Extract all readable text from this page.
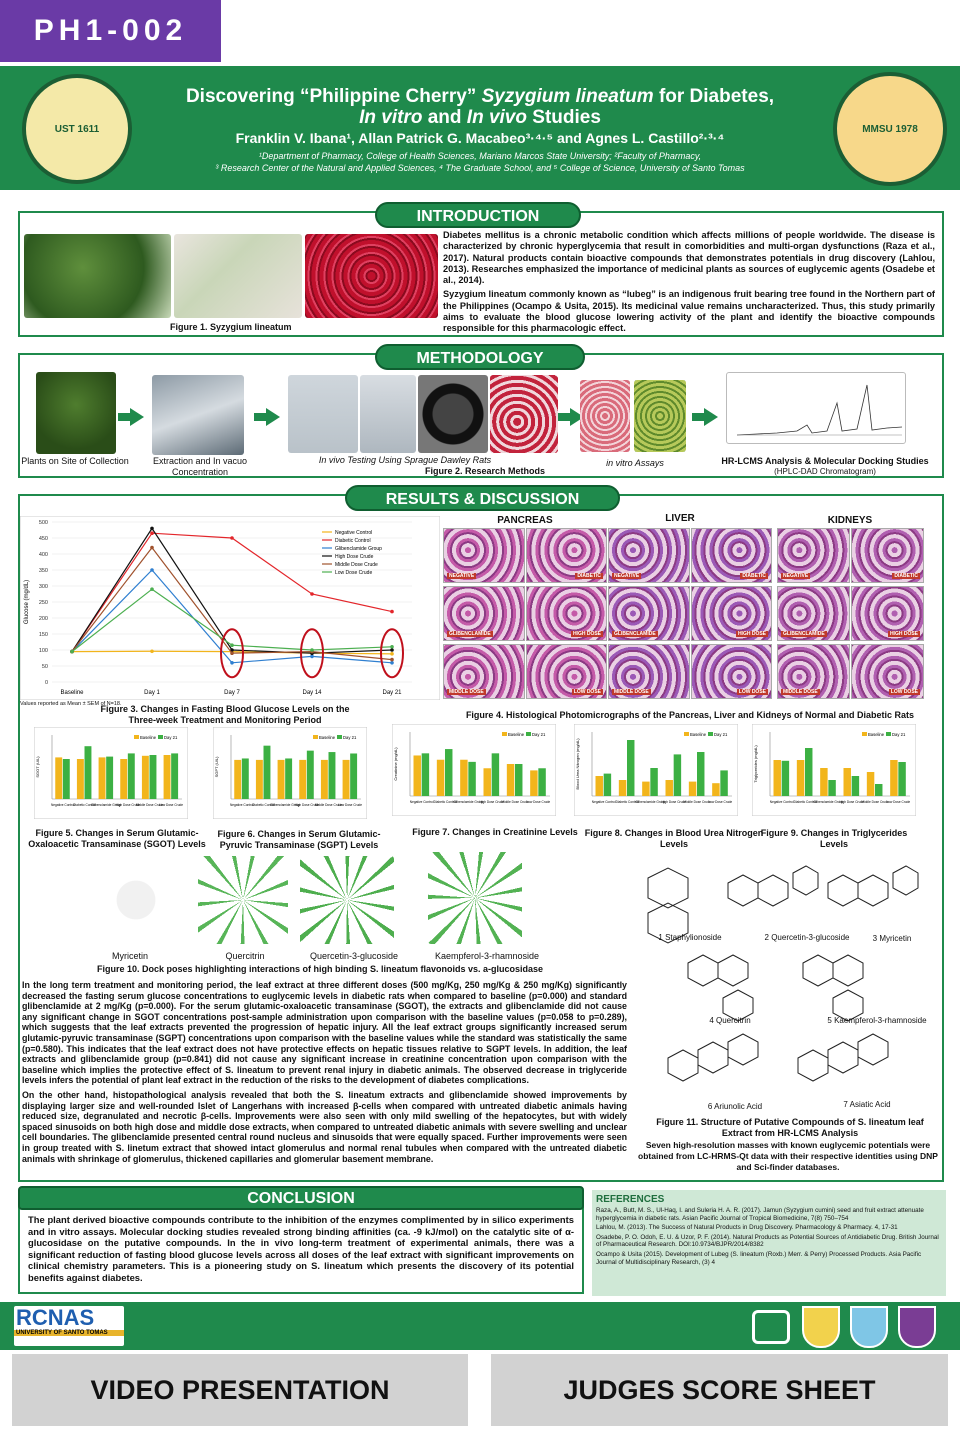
PH1-002
UST 1611
Discovering “Philippine Cherry” Syzygium lineatum for Diabetes,
In vitro and In vivo Studies
Franklin V. Ibana¹, Allan Patrick G. Macabeo³·⁴·⁵ and Agnes L. Castillo²·³·⁴
¹Department of Pharmacy, College of Health Sciences, Mariano Marcos State University; ²Faculty of Pharmacy,
³ Research Center of the Natural and Applied Sciences, ⁴ The Graduate School, and ⁵ College of Science, University of Santo Tomas
MMSU 1978
INTRODUCTION
Figure 1. Syzygium lineatum

Diabetes mellitus is a chronic metabolic condition which affects millions of people worldwide. The disease is characterized by chronic hyperglycemia that result in comorbidities and multi-organ dysfunctions (Raza et al., 2017). Natural products contain bioactive compounds that demonstrates potentials in drug discovery (Lahlou, 2013). Researches emphasized the importance of medicinal plants as sources of euglycemic agents (Osadebe et al., 2014).

Syzygium lineatum commonly known as “lubeg” is an indigenous fruit bearing tree found in the Northern part of the Philippines (Ocampo & Usita, 2015). Its medicinal value remains uncharacterized. Thus, this study primarily aims to evaluate the blood glucose lowering activity of the plant and identify the bioactive compounds responsible for this pharmacologic effect.

METHODOLOGY
Plants on Site of Collection	Extraction and In vacuo Concentration
In vivo Testing Using Sprague Dawley Rats
Figure 2. Research Methods
in vitro Assays	HR-LCMS Analysis & Molecular Docking Studies
(HPLC-DAD Chromatogram)
RESULTS & DISCUSSION
0
50
100
150
200
250
300
350
400
450
500
Glucose (mg/dL)
Baseline	Day 1	Day 7	Day 14	Day 21
Negative Control
Diabetic Control
Glibenclamide Group
High Dose Crude
Middle Dose Crude
Low Dose Crude
Values reported as Mean ± SEM of N=18.
Figure 3. Changes in Fasting Blood Glucose Levels on the Three-week Treatment and Monitoring Period
PANCREAS	LIVER	KIDNEYS
NEGATIVE	DIABETIC
GLIBENCLAMIDE	HIGH DOSE
MIDDLE DOSE	LOW DOSE
NEGATIVE	DIABETIC
GLIBENCLAMIDE	HIGH DOSE
MIDDLE DOSE	LOW DOSE
NEGATIVE	DIABETIC
GLIBENCLAMIDE	HIGH DOSE
MIDDLE DOSE	LOW DOSE
Figure 4. Histological Photomicrographs of the Pancreas, Liver and Kidneys of Normal and Diabetic Rats
SGOT (U/L)
Negative Control
Diabetic Control
Glibenclamide Group
High Dose Crude
Middle Dose Crude
Low Dose Crude
Baseline Day 21
SGPT (U/L)
Negative Control
Diabetic Control
Glibenclamide Group
High Dose Crude
Middle Dose Crude
Low Dose Crude
Baseline Day 21
Creatinine (mg/dL)
Negative Control Diabetic Control
Glibenclamide Group
High Dose Crude
Middle Dose Crude
Low Dose Crude
Baseline Day 21
Blood Urea Nitrogen (mg/dL)
Negative Control Diabetic Control
Glibenclamide Group
High Dose Crude
Middle Dose Crude
Low Dose Crude
Baseline Day 21
Triglycerides (mg/dL)
Negative Control Diabetic Control
Glibenclamide Group
High Dose Crude
Middle Dose Crude
Low Dose Crude
Baseline Day 21
Figure 5. Changes in Serum Glutamic-Oxaloacetic Transaminase (SGOT) Levels
Figure 6. Changes in Serum Glutamic-Pyruvic Transaminase (SGPT) Levels
Figure 7. Changes in Creatinine Levels Figure 8. Changes in Blood Urea Nitrogen Levels
Figure 9. Changes in Triglycerides Levels
Myricetin	Quercitrin	Quercetin-3-glucoside	Kaempferol-3-rhamnoside
Figure 10. Dock poses highlighting interactions of high binding S. lineatum flavonoids vs. a-glucosidase

In the long term treatment and monitoring period, the leaf extract at three different doses (500 mg/Kg, 250 mg/Kg & 250 mg/Kg) significantly decreased the fasting serum glucose concentrations to euglycemic levels in diabetic rats when compared to baseline (p=0.000) and standard glibenclamide at 2 mg/Kg (p=0.000). For the serum glutamic-oxaloacetic transaminase (SGOT), the extracts and glibenclamide did not cause any significant change in SGOT concentrations post-sample administration upon comparison with the baseline values (p=0.058 to p=0.289), which suggests that the leaf extracts prevented the progression of hepatic injury. All the leaf extract groups significantly increased serum glutamic-pyruvic transaminase (SGPT) concentrations upon comparison with the baseline values while the standard was statistically the same (p=0.580). This indicates that the leaf extract does not have protective effects on hepatic tissues relative to SGPT levels. In addition, the leaf extracts and glibenclamide group (p=0.841) did not cause any significant increase in creatinine concentration upon comparison with the baseline which implies the protective effect of S. lineatum to prevent renal injury in diabetic animals. The observed decrease in triglyceride levels infers the potential of plant leaf extract in the reduction of the risks to the development of diabetes complications.

On the other hand, histopathological analysis revealed that both the S. lineatum extracts and glibenclamide showed improvements by displaying larger size and well-rounded Islet of Langerhans with increased β-cells when compared with untreated diabetic animals having reduced size, degranulated and necrotic β-cells. Improvements were also seen with only mild swelling of the hepatocytes, but with widely spaced sinusoids on both high dose and middle dose extracts, when compared to untreated diabetic animals with severe swelling and unclear cell boundaries. The glibenclamide presented central round nucleus and sinusoids that were equally spaced. Further improvements were seen in group treated with S. linetum extract that showed intact glomerulus and normal renal tubules when compared with the untreated diabetic animals with shrinkage of glomerulus, thickened capillaries and glomerular basement membrane.

1 Staphylionoside	2 Quercetin-3-glucoside	3 Myricetin
4 Quercitrin	5 Kaempferol-3-rhamnoside
6 Ariunolic Acid	7 Asiatic Acid
Figure 11. Structure of Putative Compounds of S. lineatum leaf Extract from HR-LCMS Analysis
Seven high-resolution masses with known euglycemic potentials were obtained from LC-HRMS-Qt data with their respective identities using DNP and Sci-finder databases.
CONCLUSION
The plant derived bioactive compounds contribute to the inhibition of the enzymes complimented by in silico experiments and in vitro assays. Molecular docking studies revealed strong binding affinities (ca. -9 kJ/mol) on the catalytic site of α-glucosidase on the putative compounds. In the in vivo long-term treatment of experimental animals, there was a significant reduction of fasting blood glucose levels across all doses of the leaf extract with significant improvements on clinical chemistry parameters. This is a pioneering study on S. lineatum which presents the discovery of its potential benefits against diabetes.
REFERENCES

Raza, A., Butt, M. S., Ul-Haq, I. and Suleria H. A. R. (2017). Jamun (Syzygium cumini) seed and fruit extract attenuate hyperglycemia in diabetic rats. Asian Pacific Journal of Tropical Biomedicine, 7(8) 750–754

Lahlou, M. (2013). The Success of Natural Products in Drug Discovery. Pharmacology & Pharmacy. 4, 17-31

Osadebe, P. O. Odoh, E. U. & Uzor, P. F. (2014). Natural Products as Potential Sources of Antidiabetic Drug. British Journal of Pharmaceutical Research. DOI:10.9734/BJPR/2014/8382

Ocampo & Usita (2015). Development of Lubeg (S. lineatum (Roxb.) Merr. & Perry) Processed Products. Asia Pacific Journal of Multidisciplinary Research, (3) 4

RCNAS
UNIVERSITY OF SANTO TOMAS
VIDEO PRESENTATION	JUDGES SCORE SHEET
